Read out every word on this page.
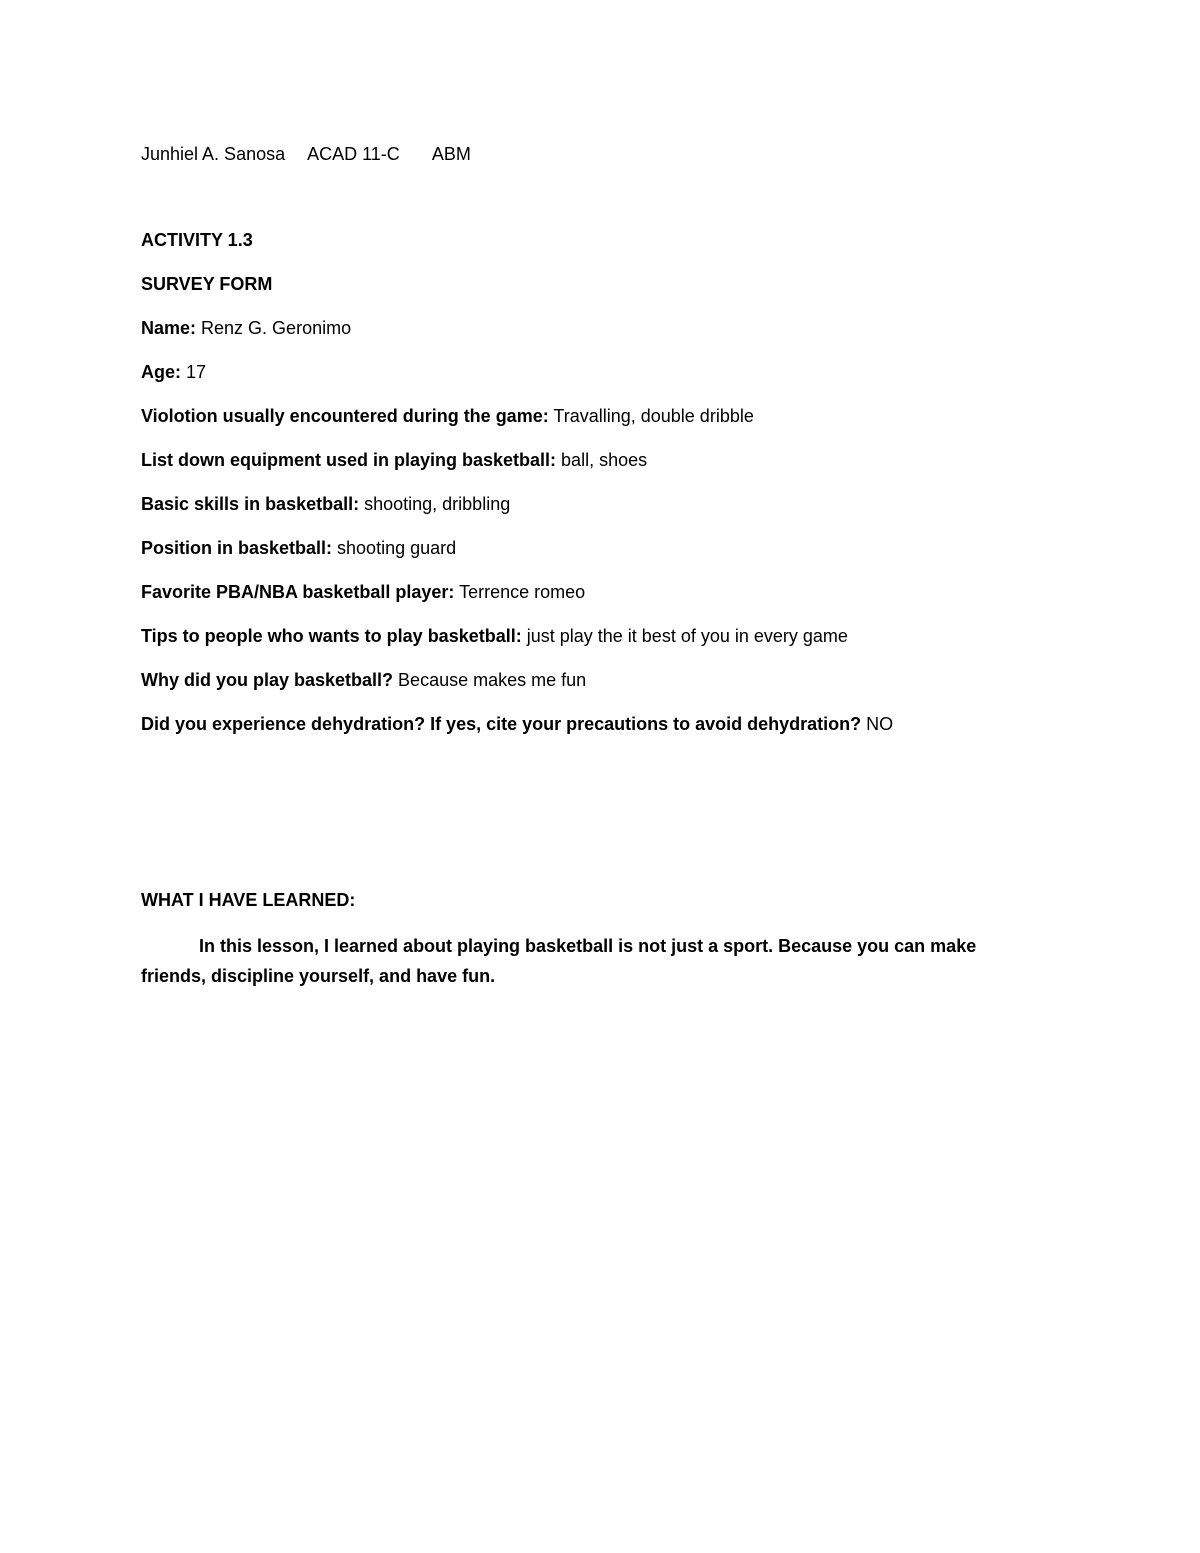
Junhiel A. Sanosa ACAD 11-C ABM

ACTIVITY 1.3

SURVEY FORM

Name: Renz G. Geronimo

Age: 17

Violotion usually encountered during the game: Travalling, double dribble

List down equipment used in playing basketball: ball, shoes

Basic skills in basketball: shooting, dribbling

Position in basketball: shooting guard

Favorite PBA/NBA basketball player: Terrence romeo

Tips to people who wants to play basketball: just play the it best of you in every game

Why did you play basketball? Because makes me fun

Did you experience dehydration? If yes, cite your precautions to avoid dehydration? NO

WHAT I HAVE LEARNED:

In this lesson, I learned about playing basketball is not just a sport. Because you can make friends, discipline yourself, and have fun.
